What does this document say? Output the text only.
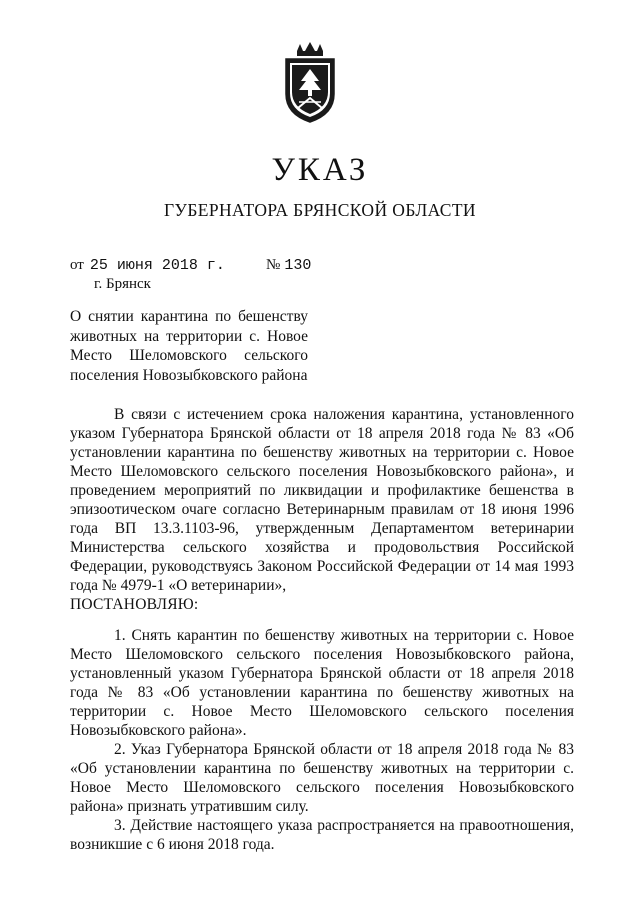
УКАЗ
ГУБЕРНАТОРА БРЯНСКОЙ ОБЛАСТИ
от 25 июня 2018 г.	№ 130
г. Брянск
О снятии карантина по бешенству животных на территории с. Новое Место Шеломовского сельского поселения Новозыбковского района

В связи с истечением срока наложения карантина, установленного указом Губернатора Брянской области от 18 апреля 2018 года № 83 «Об установлении карантина по бешенству животных на территории с. Новое Место Шеломовского сельского поселения Новозыбковского района», и проведением мероприятий по ликвидации и профилактике бешенства в эпизоотическом очаге согласно Ветеринарным правилам от 18 июня 1996 года ВП 13.3.1103-96, утвержденным Департаментом ветеринарии Министерства сельского хозяйства и продовольствия Российской Федерации, руководствуясь Законом Российской Федерации от 14 мая 1993 года № 4979-1 «О ветеринарии»,

ПОСТАНОВЛЯЮ:

1. Снять карантин по бешенству животных на территории с. Новое Место Шеломовского сельского поселения Новозыбковского района, установленный указом Губернатора Брянской области от 18 апреля 2018 года № 83 «Об установлении карантина по бешенству животных на территории с. Новое Место Шеломовского сельского поселения Новозыбковского района».

2. Указ Губернатора Брянской области от 18 апреля 2018 года № 83 «Об установлении карантина по бешенству животных на территории с. Новое Место Шеломовского сельского поселения Новозыбковского района» признать утратившим силу.

3. Действие настоящего указа распространяется на правоотношения, возникшие с 6 июня 2018 года.
